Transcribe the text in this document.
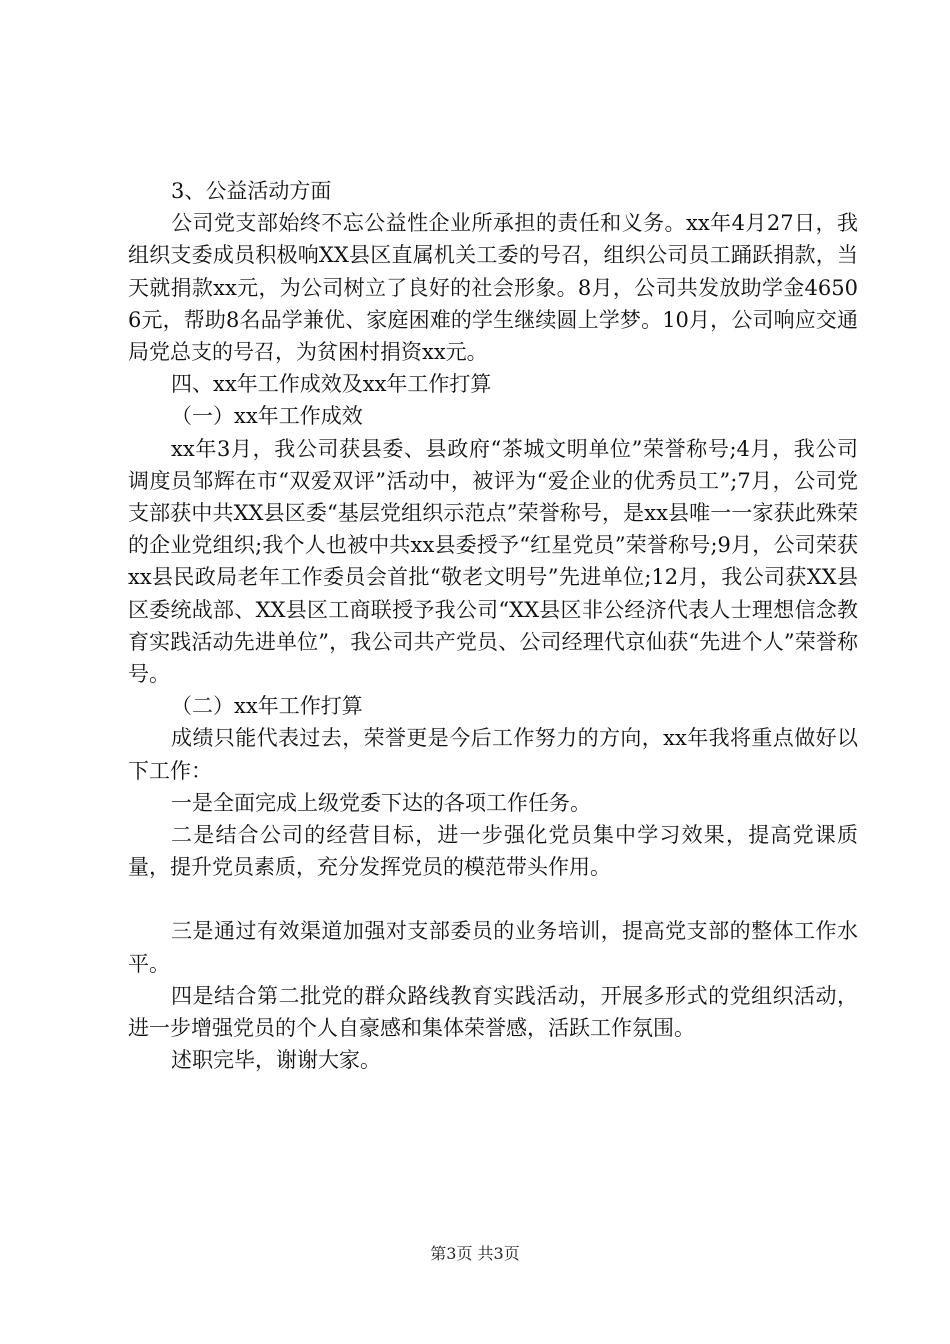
3、公益活动方面

公司党支部始终不忘公益性企业所承担的责任和义务。xx年4月27日，我组织支委成员积极响XX县区直属机关工委的号召，组织公司员工踊跃捐款，当天就捐款xx元，为公司树立了良好的社会形象。8月，公司共发放助学金46506元，帮助8名品学兼优、家庭困难的学生继续圆上学梦。10月，公司响应交通局党总支的号召，为贫困村捐资xx元。

四、xx年工作成效及xx年工作打算

（一）xx年工作成效

xx年3月，我公司获县委、县政府“茶城文明单位”荣誉称号;4月，我公司调度员邹辉在市“双爱双评”活动中，被评为“爱企业的优秀员工”;7月，公司党支部获中共XX县区委“基层党组织示范点”荣誉称号，是xx县唯一一家获此殊荣的企业党组织;我个人也被中共xx县委授予“红星党员”荣誉称号;9月，公司荣获xx县民政局老年工作委员会首批“敬老文明号”先进单位;12月，我公司获XX县区委统战部、XX县区工商联授予我公司“XX县区非公经济代表人士理想信念教育实践活动先进单位”，我公司共产党员、公司经理代京仙获“先进个人”荣誉称号。

（二）xx年工作打算

成绩只能代表过去，荣誉更是今后工作努力的方向，xx年我将重点做好以下工作：

一是全面完成上级党委下达的各项工作任务。

二是结合公司的经营目标，进一步强化党员集中学习效果，提高党课质量，提升党员素质，充分发挥党员的模范带头作用。

三是通过有效渠道加强对支部委员的业务培训，提高党支部的整体工作水平。

四是结合第二批党的群众路线教育实践活动，开展多形式的党组织活动，进一步增强党员的个人自豪感和集体荣誉感，活跃工作氛围。

述职完毕，谢谢大家。

第3页 共3页
